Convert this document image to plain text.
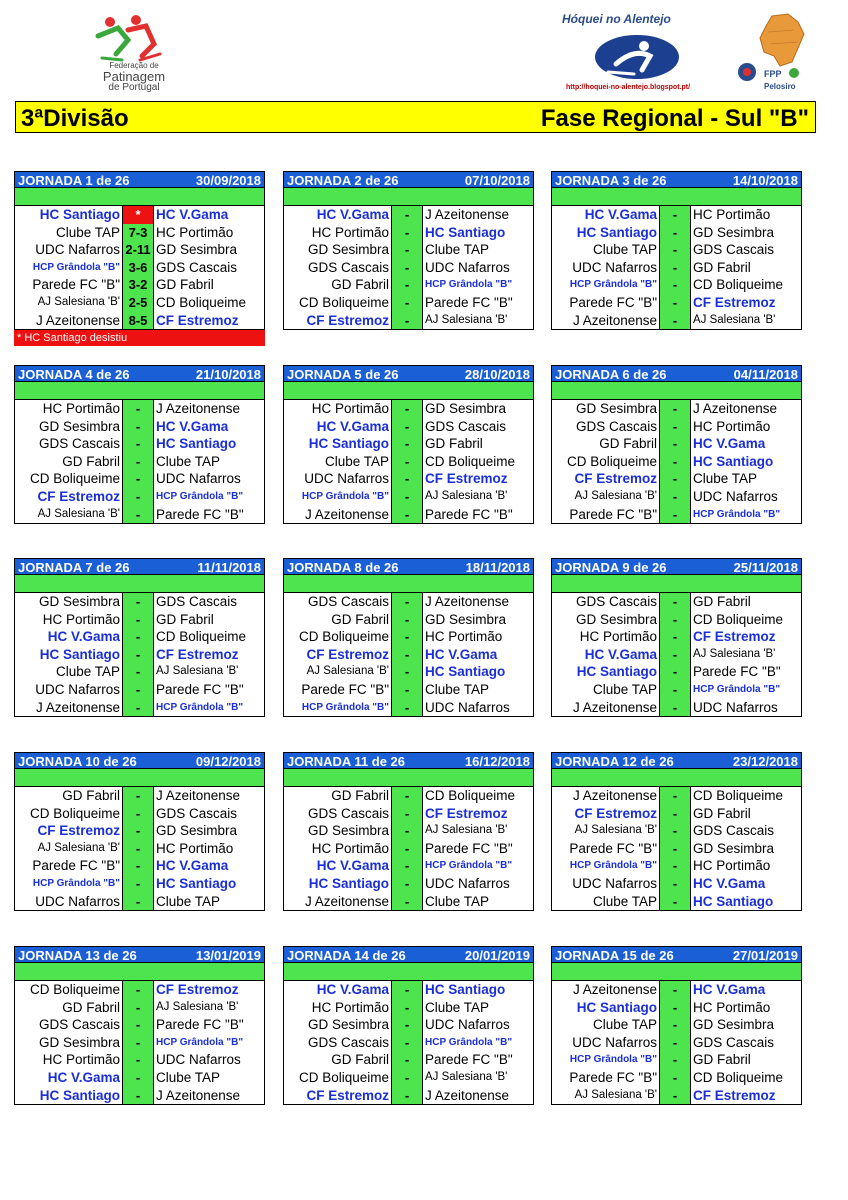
Federação de
Patinagem
de Portugal
Hóquei no Alentejo
FPP
Pelosiro
http://hoquei-no-alentejo.blogspot.pt/
3ªDivisão	Fase Regional - Sul "B"
JORNADA 1 de 26	30/09/2018
HC Santiago	*	HC V.Gama
Clube TAP 7-3 HC Portimão
UDC Nafarros 2-11 GD Sesimbra
HCP Grândola "B" 3-6 GDS Cascais
Parede FC "B" 3-2 GD Fabril
AJ Salesiana 'B' 2-5 CD Boliqueime
J Azeitonense 8-5 CF Estremoz
JORNADA 2 de 26	07/10/2018
HC V.Gama	-	J Azeitonense
HC Portimão	-	HC Santiago
GD Sesimbra	-	Clube TAP
GDS Cascais	-	UDC Nafarros
GD Fabril	-	HCP Grândola "B"
CD Boliqueime	-	Parede FC "B"
CF Estremoz	-	AJ Salesiana 'B'
JORNADA 3 de 26	14/10/2018
HC V.Gama	-	HC Portimão
HC Santiago	-	GD Sesimbra
Clube TAP	-	GDS Cascais
UDC Nafarros	-	GD Fabril
HCP Grândola "B"	-	CD Boliqueime
Parede FC "B"	-	CF Estremoz
J Azeitonense	-	AJ Salesiana 'B'
JORNADA 4 de 26	21/10/2018
HC Portimão	-	J Azeitonense
GD Sesimbra	-	HC V.Gama
GDS Cascais	-	HC Santiago
GD Fabril	-	Clube TAP
CD Boliqueime	-	UDC Nafarros
CF Estremoz	-	HCP Grândola "B"
AJ Salesiana 'B'	-	Parede FC "B"
JORNADA 5 de 26	28/10/2018
HC Portimão	-	GD Sesimbra
HC V.Gama	-	GDS Cascais
HC Santiago	-	GD Fabril
Clube TAP	-	CD Boliqueime
UDC Nafarros	-	CF Estremoz
HCP Grândola "B"	-	AJ Salesiana 'B'
J Azeitonense	-	Parede FC "B"
JORNADA 6 de 26	04/11/2018
GD Sesimbra	-	J Azeitonense
GDS Cascais	-	HC Portimão
GD Fabril	-	HC V.Gama
CD Boliqueime	-	HC Santiago
CF Estremoz	-	Clube TAP
AJ Salesiana 'B'	-	UDC Nafarros
Parede FC "B"	-	HCP Grândola "B"
JORNADA 7 de 26	11/11/2018
GD Sesimbra	-	GDS Cascais
HC Portimão	-	GD Fabril
HC V.Gama	-	CD Boliqueime
HC Santiago	-	CF Estremoz
Clube TAP	-	AJ Salesiana 'B'
UDC Nafarros	-	Parede FC "B"
J Azeitonense	-	HCP Grândola "B"
JORNADA 8 de 26	18/11/2018
GDS Cascais	-	J Azeitonense
GD Fabril	-	GD Sesimbra
CD Boliqueime	-	HC Portimão
CF Estremoz	-	HC V.Gama
AJ Salesiana 'B'	-	HC Santiago
Parede FC "B"	-	Clube TAP
HCP Grândola "B"	-	UDC Nafarros
JORNADA 9 de 26	25/11/2018
GDS Cascais	-	GD Fabril
GD Sesimbra	-	CD Boliqueime
HC Portimão	-	CF Estremoz
HC V.Gama	-	AJ Salesiana 'B'
HC Santiago	-	Parede FC "B"
Clube TAP	-	HCP Grândola "B"
J Azeitonense	-	UDC Nafarros
JORNADA 10 de 26	09/12/2018
GD Fabril	-	J Azeitonense
CD Boliqueime	-	GDS Cascais
CF Estremoz	-	GD Sesimbra
AJ Salesiana 'B'	-	HC Portimão
Parede FC "B"	-	HC V.Gama
HCP Grândola "B"	-	HC Santiago
UDC Nafarros	-	Clube TAP
JORNADA 11 de 26	16/12/2018
GD Fabril	-	CD Boliqueime
GDS Cascais	-	CF Estremoz
GD Sesimbra	-	AJ Salesiana 'B'
HC Portimão	-	Parede FC "B"
HC V.Gama	-	HCP Grândola "B"
HC Santiago	-	UDC Nafarros
J Azeitonense	-	Clube TAP
JORNADA 12 de 26	23/12/2018
J Azeitonense	-	CD Boliqueime
CF Estremoz	-	GD Fabril
AJ Salesiana 'B'	-	GDS Cascais
Parede FC "B"	-	GD Sesimbra
HCP Grândola "B"	-	HC Portimão
UDC Nafarros	-	HC V.Gama
Clube TAP	-	HC Santiago
JORNADA 13 de 26	13/01/2019
CD Boliqueime	-	CF Estremoz
GD Fabril	-	AJ Salesiana 'B'
GDS Cascais	-	Parede FC "B"
GD Sesimbra	-	HCP Grândola "B"
HC Portimão	-	UDC Nafarros
HC V.Gama	-	Clube TAP
HC Santiago	-	J Azeitonense
JORNADA 14 de 26	20/01/2019
HC V.Gama	-	HC Santiago
HC Portimão	-	Clube TAP
GD Sesimbra	-	UDC Nafarros
GDS Cascais	-	HCP Grândola "B"
GD Fabril	-	Parede FC "B"
CD Boliqueime	-	AJ Salesiana 'B'
CF Estremoz	-	J Azeitonense
JORNADA 15 de 26	27/01/2019
J Azeitonense	-	HC V.Gama
HC Santiago	-	HC Portimão
Clube TAP	-	GD Sesimbra
UDC Nafarros	-	GDS Cascais
HCP Grândola "B"	-	GD Fabril
Parede FC "B"	-	CD Boliqueime
AJ Salesiana 'B'	-	CF Estremoz
* HC Santiago desistiu
